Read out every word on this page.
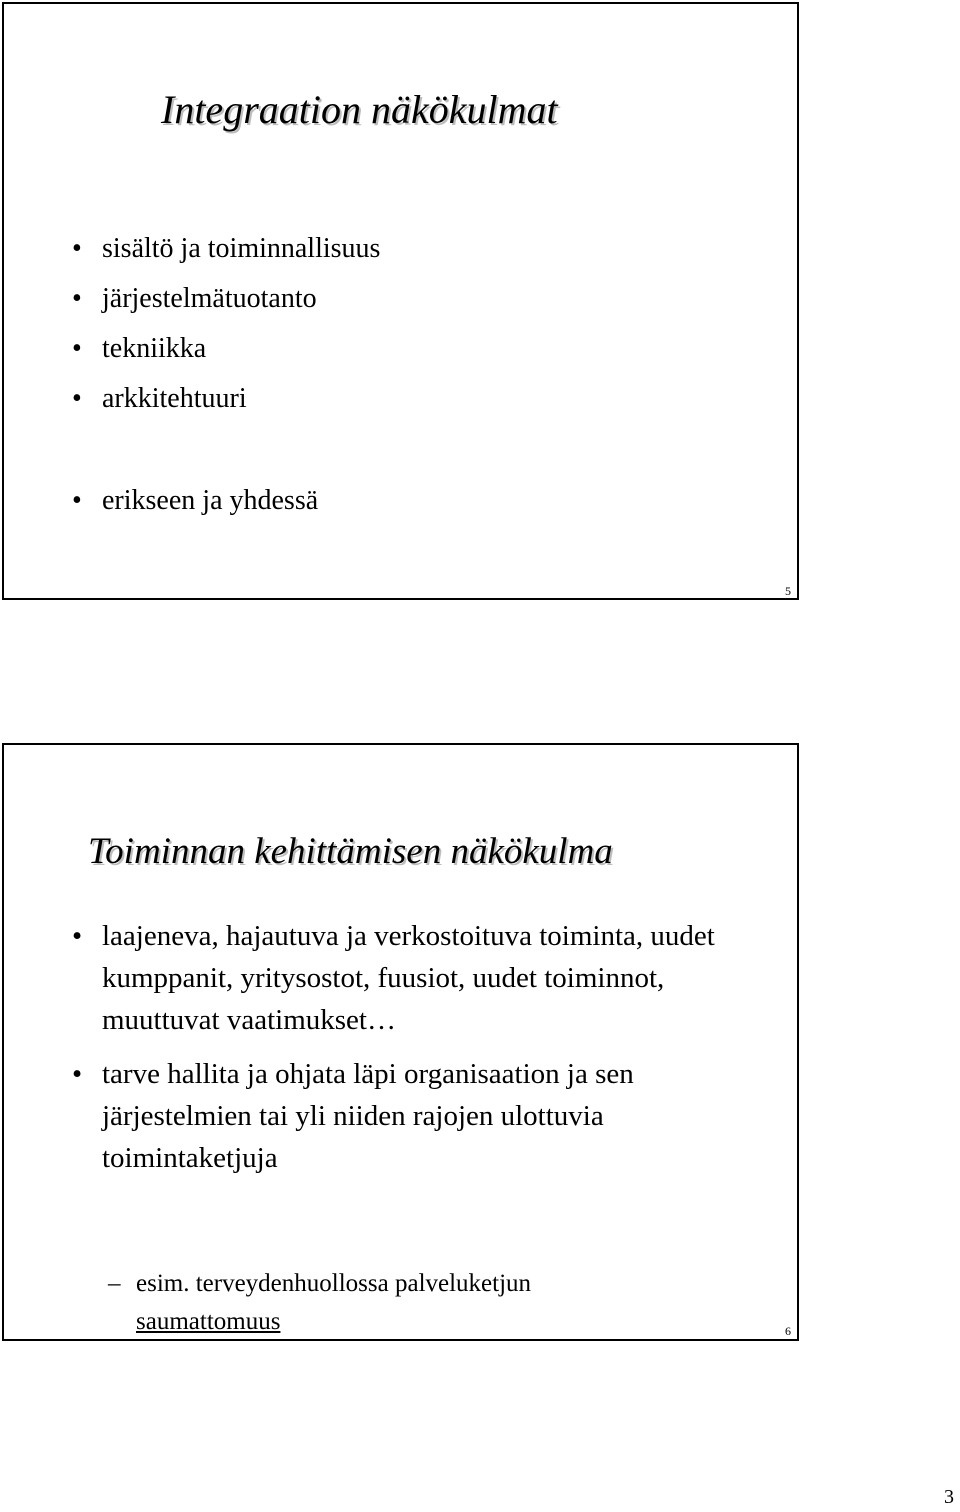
Integraation näkökulmat
• sisältö ja toiminnallisuus
• järjestelmätuotanto
• tekniikka
• arkkitehtuuri
• erikseen ja yhdessä
5
Toiminnan kehittämisen näkökulma
• laajeneva, hajautuva ja verkostoituva toiminta, uudet kumppanit, yritysostot, fuusiot, uudet toiminnot, muuttuvat vaatimukset…
• tarve hallita ja ohjata läpi organisaation ja sen järjestelmien tai yli niiden rajojen ulottuvia toimintaketjuja
– esim. terveydenhuollossa palveluketjun
saumattomuus	6
3
